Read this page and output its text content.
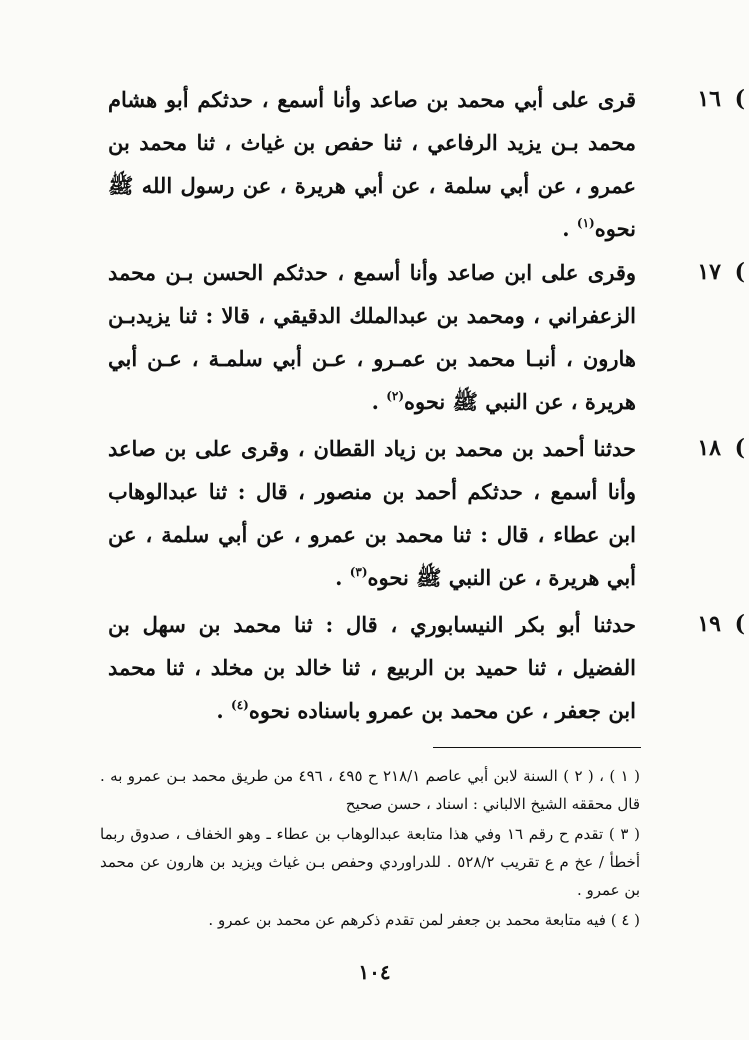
١٦ )
قرى على أبي محمد بن صاعد وأنا أسمع ، حدثكم أبو هشام محمد بـن يزيد الرفاعي ، ثنا حفص بن غياث ، ثنا محمد بن عمرو ، عن أبي سلمة ، عن أبي هريرة ، عن رسول الله ﷺ نحوه$^{(١)}$ .
١٧ )
وقرى على ابن صاعد وأنا أسمع ، حدثكم الحسن بـن محمد الزعفراني ، ومحمد بن عبدالملك الدقيقي ، قالا : ثنا يزيدبـن هارون ، أنبـا محمد بن عمـرو ، عـن أبي سلمـة ، عـن أبي هريرة ، عن النبي ﷺ نحوه$^{(٢)}$ .
١٨ )
حدثنا أحمد بن محمد بن زياد القطان ، وقرى على بن صاعد وأنا أسمع ، حدثكم أحمد بن منصور ، قال : ثنا عبدالوهاب ابن عطاء ، قال : ثنا محمد بن عمرو ، عن أبي سلمة ، عن أبي هريرة ، عن النبي ﷺ نحوه$^{(٣)}$ .
١٩ )
حدثنا أبو بكر النيسابوري ، قال : ثنا محمد بن سهل بن الفضيل ، ثنا حميد بن الربيع ، ثنا خالد بن مخلد ، ثنا محمد ابن جعفر ، عن محمد بن عمرو باسناده نحوه$^{(٤)}$ .
( ١ ) ، ( ٢ ) السنة لابن أبي عاصم ٢١٨/١ ح ٤٩٥ ، ٤٩٦ من طريق محمد بـن عمرو به . قال محققه الشيخ الالباني : اسناد ، حسن صحيح
( ٣ ) تقدم ح رقم ١٦ وفي هذا متابعة عبدالوهاب بن عطاء ـ وهو الخفاف ، صدوق ربما أخطأ / عخ م ع تقريب ٥٢٨/٢ . للدراوردي وحفص بـن غياث ويزيد بن هارون عن محمد بن عمرو .
( ٤ ) فيه متابعة محمد بن جعفر لمن تقدم ذكرهم عن محمد بن عمرو .
١٠٤
